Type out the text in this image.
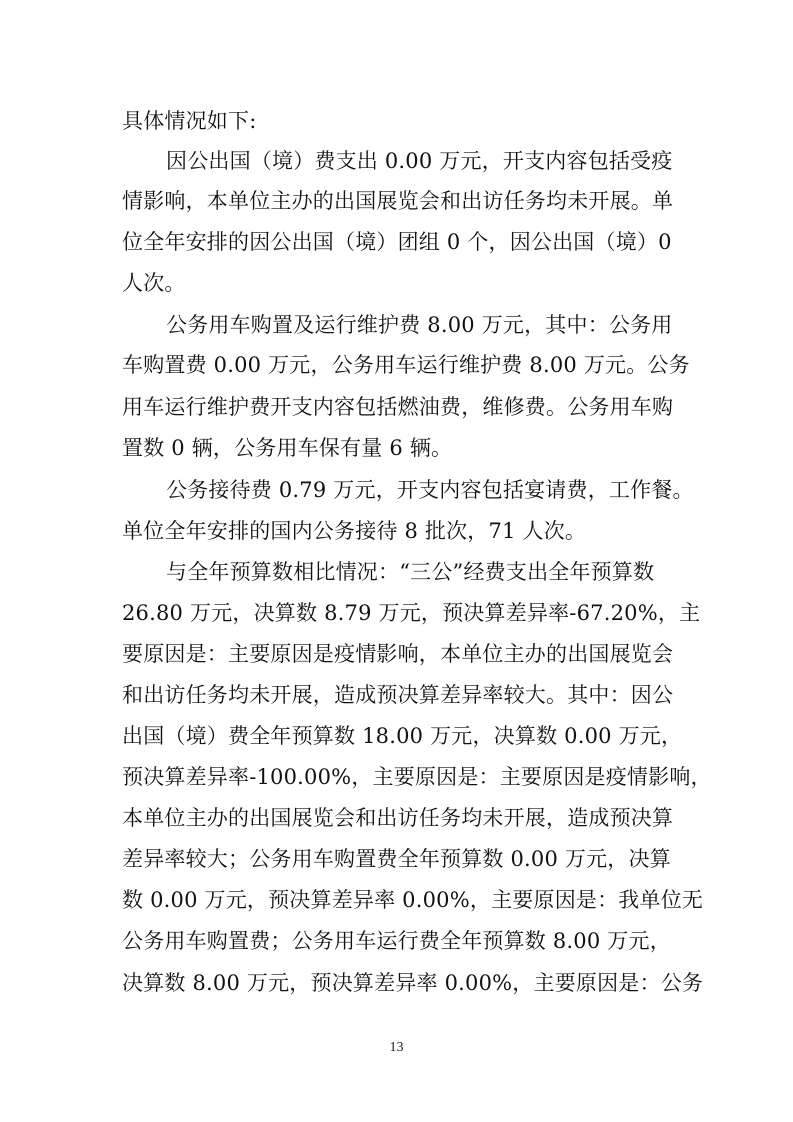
具体情况如下:
因公出国（境）费支出 0.00 万元，开支内容包括受疫
情影响，本单位主办的出国展览会和出访任务均未开展。单
位全年安排的因公出国（境）团组 0 个，因公出国（境）0
人次。
公务用车购置及运行维护费 8.00 万元，其中：公务用
车购置费 0.00 万元，公务用车运行维护费 8.00 万元。公务
用车运行维护费开支内容包括燃油费，维修费。公务用车购
置数 0 辆，公务用车保有量 6 辆。
公务接待费 0.79 万元，开支内容包括宴请费，工作餐。
单位全年安排的国内公务接待 8 批次，71 人次。
与全年预算数相比情况：“三公”经费支出全年预算数
26.80 万元，决算数 8.79 万元，预决算差异率-67.20%，主
要原因是：主要原因是疫情影响，本单位主办的出国展览会
和出访任务均未开展，造成预决算差异率较大。其中：因公
出国（境）费全年预算数 18.00 万元，决算数 0.00 万元，
预决算差异率-100.00%，主要原因是：主要原因是疫情影响，
本单位主办的出国展览会和出访任务均未开展，造成预决算
差异率较大；公务用车购置费全年预算数 0.00 万元，决算
数 0.00 万元，预决算差异率 0.00%，主要原因是：我单位无
公务用车购置费；公务用车运行费全年预算数 8.00 万元，
决算数 8.00 万元，预决算差异率 0.00%，主要原因是：公务
13
